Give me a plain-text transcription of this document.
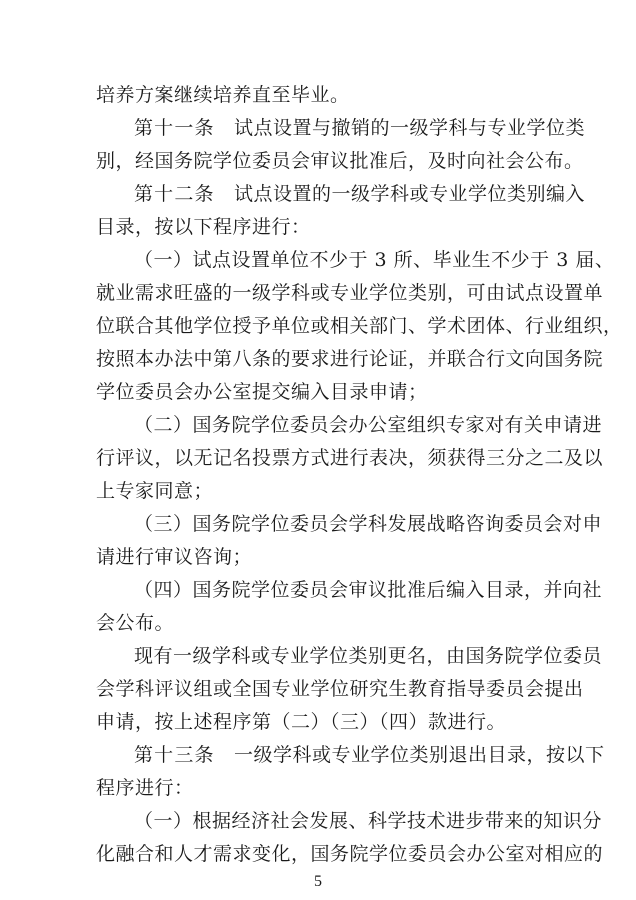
培养方案继续培养直至毕业。
第十一条 试点设置与撤销的一级学科与专业学位类
别，经国务院学位委员会审议批准后，及时向社会公布。
第十二条 试点设置的一级学科或专业学位类别编入
目录，按以下程序进行：
（一）试点设置单位不少于 3 所、毕业生不少于 3 届、
就业需求旺盛的一级学科或专业学位类别，可由试点设置单
位联合其他学位授予单位或相关部门、学术团体、行业组织，
按照本办法中第八条的要求进行论证，并联合行文向国务院
学位委员会办公室提交编入目录申请；
（二）国务院学位委员会办公室组织专家对有关申请进
行评议，以无记名投票方式进行表决，须获得三分之二及以
上专家同意；
（三）国务院学位委员会学科发展战略咨询委员会对申
请进行审议咨询；
（四）国务院学位委员会审议批准后编入目录，并向社
会公布。
现有一级学科或专业学位类别更名，由国务院学位委员
会学科评议组或全国专业学位研究生教育指导委员会提出
申请，按上述程序第（二）（三）（四）款进行。
第十三条 一级学科或专业学位类别退出目录，按以下
程序进行：
（一）根据经济社会发展、科学技术进步带来的知识分
化融合和人才需求变化，国务院学位委员会办公室对相应的
5
